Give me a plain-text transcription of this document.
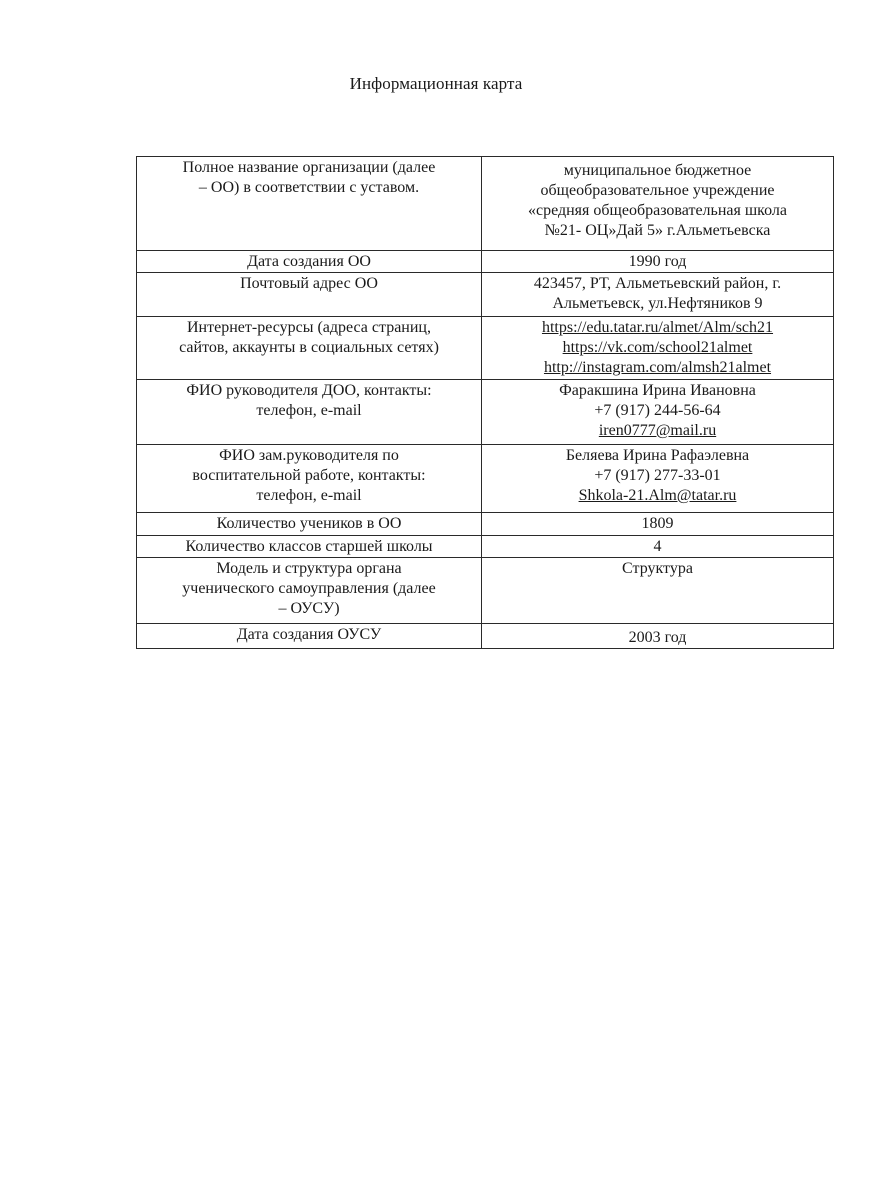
Информационная карта
Полное название организации (далее
– ОО) в соответствии с уставом.	муниципальное бюджетное
общеобразовательное учреждение
«средняя общеобразовательная школа
№21- ОЦ»Дай 5» г.Альметьевска

Дата создания ОО	1990 год

Почтовый адрес ОО	423457, РТ, Альметьевский район, г.
Альметьевск, ул.Нефтяников 9

Интернет-ресурсы (адреса страниц,
сайтов, аккаунты в социальных сетях)	https://edu.tatar.ru/almet/Alm/sch21
https://vk.com/school21almet
http://instagram.com/almsh21almet

ФИО руководителя ДОО, контакты:
телефон, e-mail	Фаракшина Ирина Ивановна
+7 (917) 244-56-64
iren0777@mail.ru

ФИО зам.руководителя по
воспитательной работе, контакты:
телефон, e-mail	Беляева Ирина Рафаэлевна
+7 (917) 277-33-01
Shkola-21.Alm@tatar.ru

Количество учеников в ОО	1809

Количество классов старшей школы	4

Модель и структура органа
ученического самоуправления (далее
– ОУСУ)	Структура

Дата создания ОУСУ	2003 год
